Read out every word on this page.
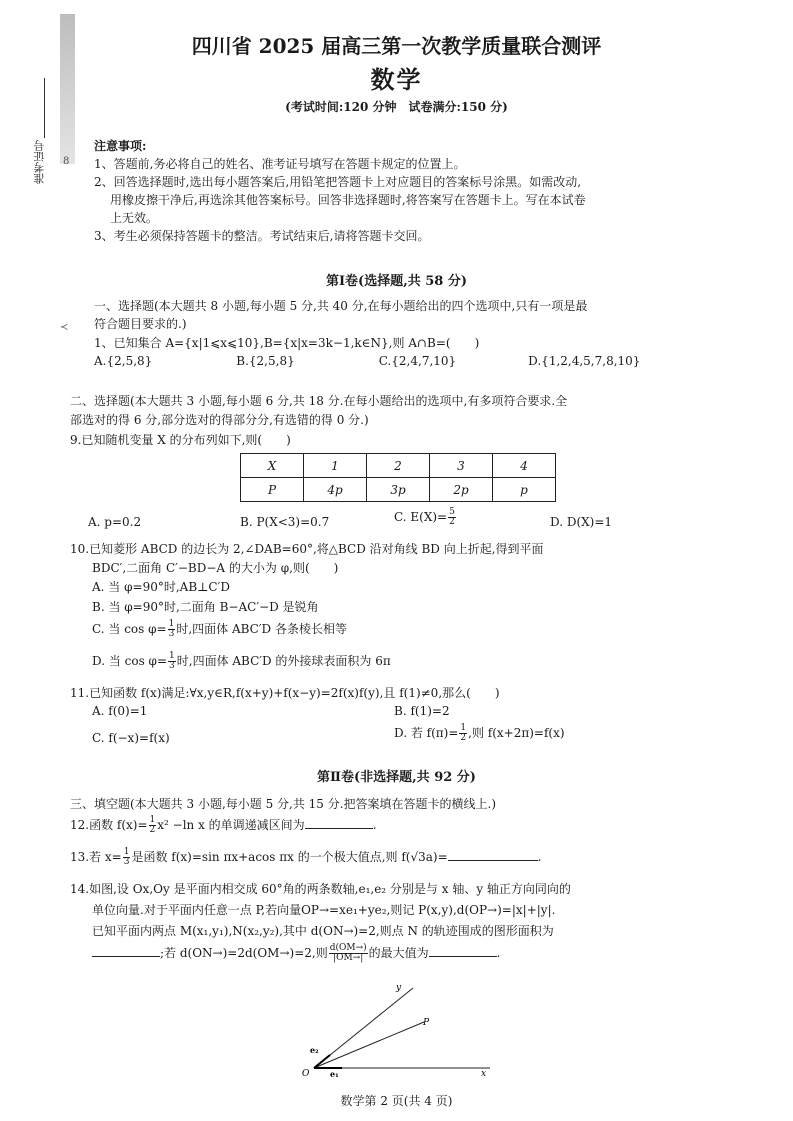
准考证号	8
≺
四川省 2025 届高三第一次教学质量联合测评
数学
(考试时间:120 分钟　试卷满分:150 分)
注意事项:
1、答题前,务必将自己的姓名、准考证号填写在答题卡规定的位置上。
2、回答选择题时,选出每小题答案后,用铅笔把答题卡上对应题目的答案标号涂黑。如需改动,
用橡皮擦干净后,再选涂其他答案标号。回答非选择题时,将答案写在答题卡上。写在本试卷
上无效。
3、考生必须保持答题卡的整洁。考试结束后,请将答题卡交回。
第Ⅰ卷(选择题,共 58 分)
一、选择题(本大题共 8 小题,每小题 5 分,共 40 分,在每小题给出的四个选项中,只有一项是最
符合题目要求的.)
1、已知集合 A={x|1⩽x⩽10},B={x|x=3k−1,k∈N},则 A∩B=(　　)
A.{2,5,8}　　　　　　　B.{2,5,8}　　　　　　　C.{2,4,7,10}　　　　　　D.{1,2,4,5,7,8,10}
二、选择题(本大题共 3 小题,每小题 6 分,共 18 分.在每小题给出的选项中,有多项符合要求.全
部选对的得 6 分,部分选对的得部分分,有选错的得 0 分.)
9.已知随机变量 X 的分布列如下,则(　　)
X	1	2	3	4
P	4p	3p	2p	p
A. p=0.2	B. P(X<3)=0.7	C. $E(X)= \frac{5}{2}$	D. D(X)=1
10.已知菱形 ABCD 的边长为 2,∠DAB=60°,将△BCD 沿对角线 BD 向上折起,得到平面
BDC′,二面角 C′−BD−A 的大小为 φ,则(　　)
A. 当 φ=90°时,AB⊥C′D
B. 当 φ=90°时,二面角 B−AC′−D 是锐角
C. 当 $\cos \varphi= \frac{1}{3}$ 时,四面体 ABC′D 各条棱长相等
D. 当 $\cos \varphi= \frac{1}{3}$ 时,四面体 ABC′D 的外接球表面积为 6π
11.已知函数 f(x)满足:∀x,y∈R,f(x+y)+f(x−y)=2f(x)f(y),且 f(1)≠0,那么(　　)
A. f(0)=1	B. f(1)=2
C. f(−x)=f(x)	D. 若 $f(\pi)= \frac{1}{2}$ ,则 f(x+2π)=f(x)
第Ⅱ卷(非选择题,共 92 分)
三、填空题(本大题共 3 小题,每小题 5 分,共 15 分.把答案填在答题卡的横线上.)
12.函数 $f(x)= \frac{1}{2} x^2 -\ln$ x 的单调递减区间为	.
13.若 $x= \frac{1}{3}$ 是函数 f(x)=sin πx+acos πx 的一个极大值点,则 f(√3a)=	.
14.如图,设 Ox,Oy 是平面内相交成 60°角的两条数轴,e₁,e₂ 分别是与 x 轴、y 轴正方向同向的
单位向量.对于平面内任意一点 P,若向量OP→=xe₁+ye₂,则记 P(x,y),d(OP→)=|x|+|y|.
已知平面内两点 M(x₁,y₁),N(x₂,y₂),其中 d(ON→)=2,则点 N 的轨迹围成的图形面积为
;若 d(ON→)=2d(OM→)=2,则 $\frac{d(OM\to)}{|OM\to|}$ 的最大值为	.
y
x
P
O	e₁
e₂
数学第 2 页(共 4 页)
